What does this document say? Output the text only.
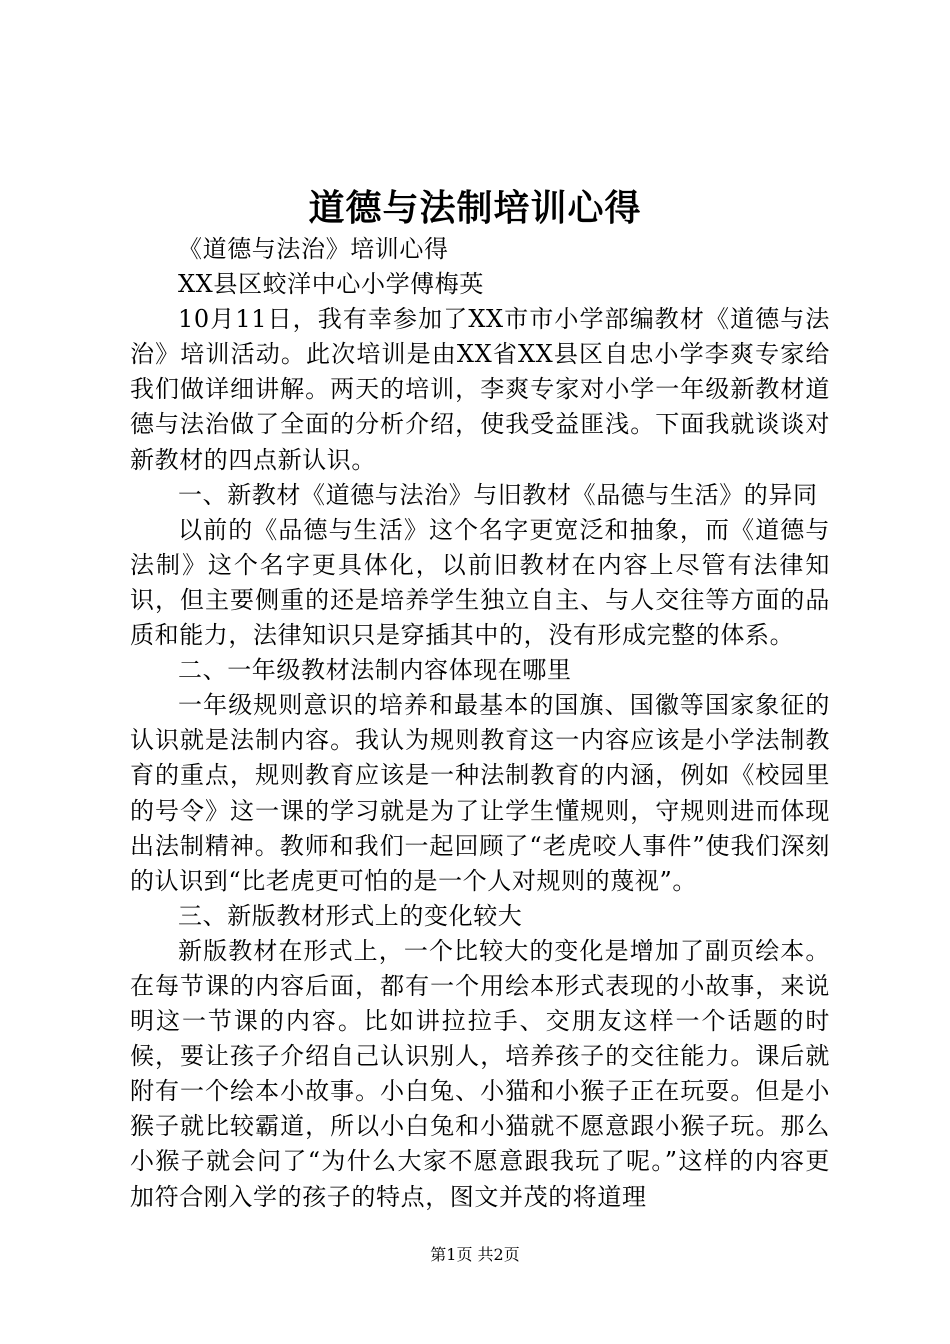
道德与法制培训心得

《道德与法治》培训心得

XX县区蛟洋中心小学傅梅英

10月11日，我有幸参加了XX市市小学部编教材《道德与法治》培训活动。此次培训是由XX省XX县区自忠小学李爽专家给我们做详细讲解。两天的培训，李爽专家对小学一年级新教材道德与法治做了全面的分析介绍，使我受益匪浅。下面我就谈谈对新教材的四点新认识。

一、新教材《道德与法治》与旧教材《品德与生活》的异同

以前的《品德与生活》这个名字更宽泛和抽象，而《道德与法制》这个名字更具体化，以前旧教材在内容上尽管有法律知识，但主要侧重的还是培养学生独立自主、与人交往等方面的品质和能力，法律知识只是穿插其中的，没有形成完整的体系。

二、一年级教材法制内容体现在哪里

一年级规则意识的培养和最基本的国旗、国徽等国家象征的认识就是法制内容。我认为规则教育这一内容应该是小学法制教育的重点，规则教育应该是一种法制教育的内涵，例如《校园里的号令》这一课的学习就是为了让学生懂规则，守规则进而体现出法制精神。教师和我们一起回顾了“老虎咬人事件”使我们深刻的认识到“比老虎更可怕的是一个人对规则的蔑视”。

三、新版教材形式上的变化较大

新版教材在形式上，一个比较大的变化是增加了副页绘本。在每节课的内容后面，都有一个用绘本形式表现的小故事，来说明这一节课的内容。比如讲拉拉手、交朋友这样一个话题的时候，要让孩子介绍自己认识别人，培养孩子的交往能力。课后就附有一个绘本小故事。小白兔、小猫和小猴子正在玩耍。但是小猴子就比较霸道，所以小白兔和小猫就不愿意跟小猴子玩。那么小猴子就会问了“为什么大家不愿意跟我玩了呢。”这样的内容更加符合刚入学的孩子的特点，图文并茂的将道理

第1页 共2页
